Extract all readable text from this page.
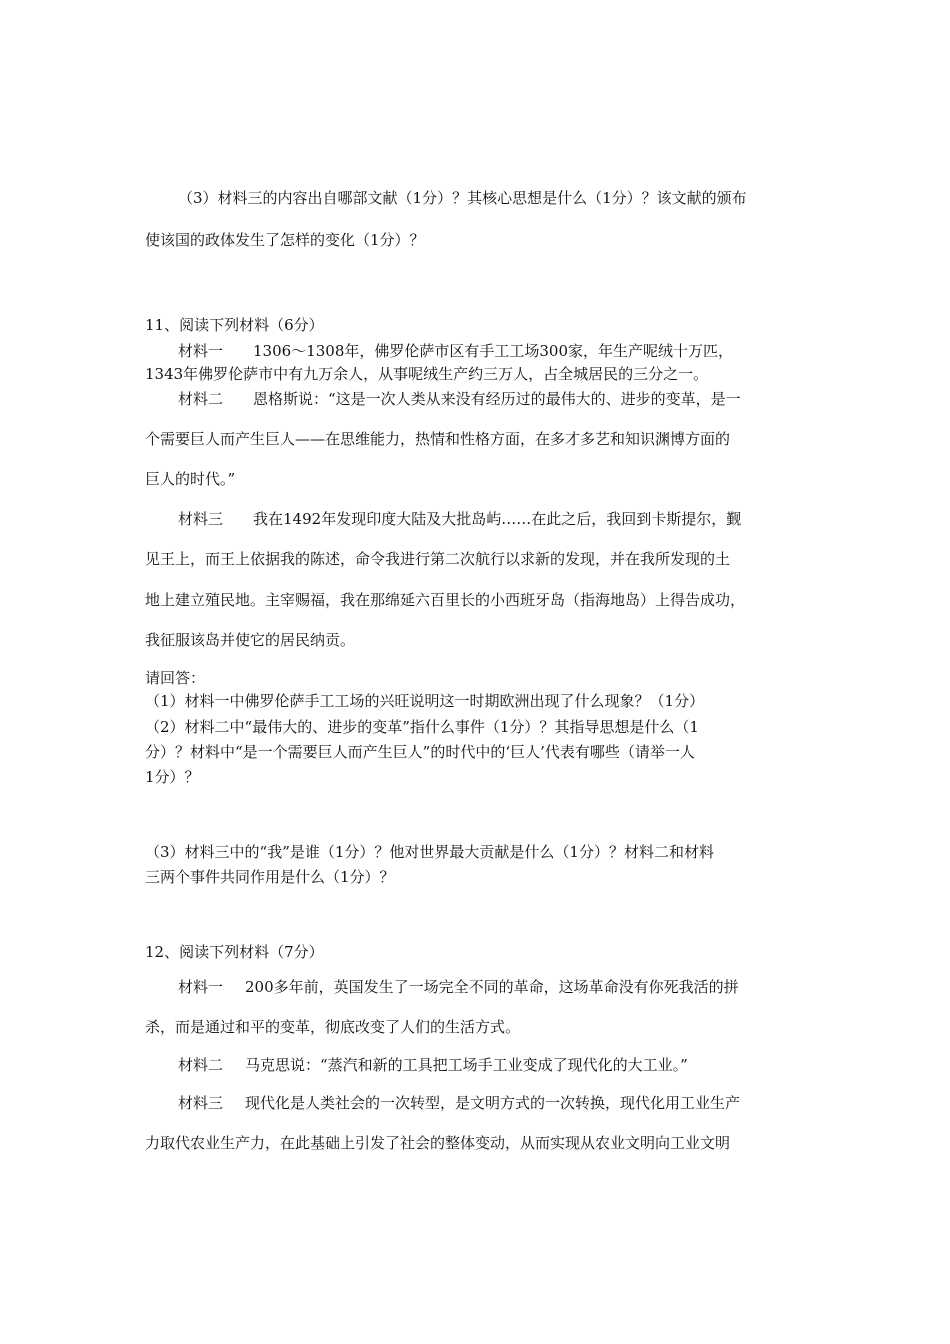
（3）材料三的内容出自哪部文献（1分）？其核心思想是什么（1分）？该文献的颁布
使该国的政体发生了怎样的变化（1分）？
11、阅读下列材料（6分）
材料一 1306～1308年，佛罗伦萨市区有手工工场300家，年生产呢绒十万匹，
1343年佛罗伦萨市中有九万余人，从事呢绒生产约三万人，占全城居民的三分之一。
材料二 恩格斯说：“这是一次人类从来没有经历过的最伟大的、进步的变革，是一
个需要巨人而产生巨人——在思维能力，热情和性格方面，在多才多艺和知识渊博方面的
巨人的时代。”
材料三 我在1492年发现印度大陆及大批岛屿……在此之后，我回到卡斯提尔，觐
见王上，而王上依据我的陈述，命令我进行第二次航行以求新的发现，并在我所发现的土
地上建立殖民地。主宰赐福，我在那绵延六百里长的小西班牙岛（指海地岛）上得告成功，
我征服该岛并使它的居民纳贡。
请回答：
（1）材料一中佛罗伦萨手工工场的兴旺说明这一时期欧洲出现了什么现象？（1分）
（2）材料二中“最伟大的、进步的变革”指什么事件（1分）？其指导思想是什么（1
分）？材料中“是一个需要巨人而产生巨人”的时代中的‘巨人’代表有哪些（请举一人
1分）？
（3）材料三中的“我”是谁（1分）？他对世界最大贡献是什么（1分）？材料二和材料
三两个事件共同作用是什么（1分）？
12、阅读下列材料（7分）
材料一 200多年前，英国发生了一场完全不同的革命，这场革命没有你死我活的拼
杀，而是通过和平的变革，彻底改变了人们的生活方式。
材料二 马克思说：“蒸汽和新的工具把工场手工业变成了现代化的大工业。”
材料三 现代化是人类社会的一次转型，是文明方式的一次转换，现代化用工业生产
力取代农业生产力，在此基础上引发了社会的整体变动，从而实现从农业文明向工业文明
